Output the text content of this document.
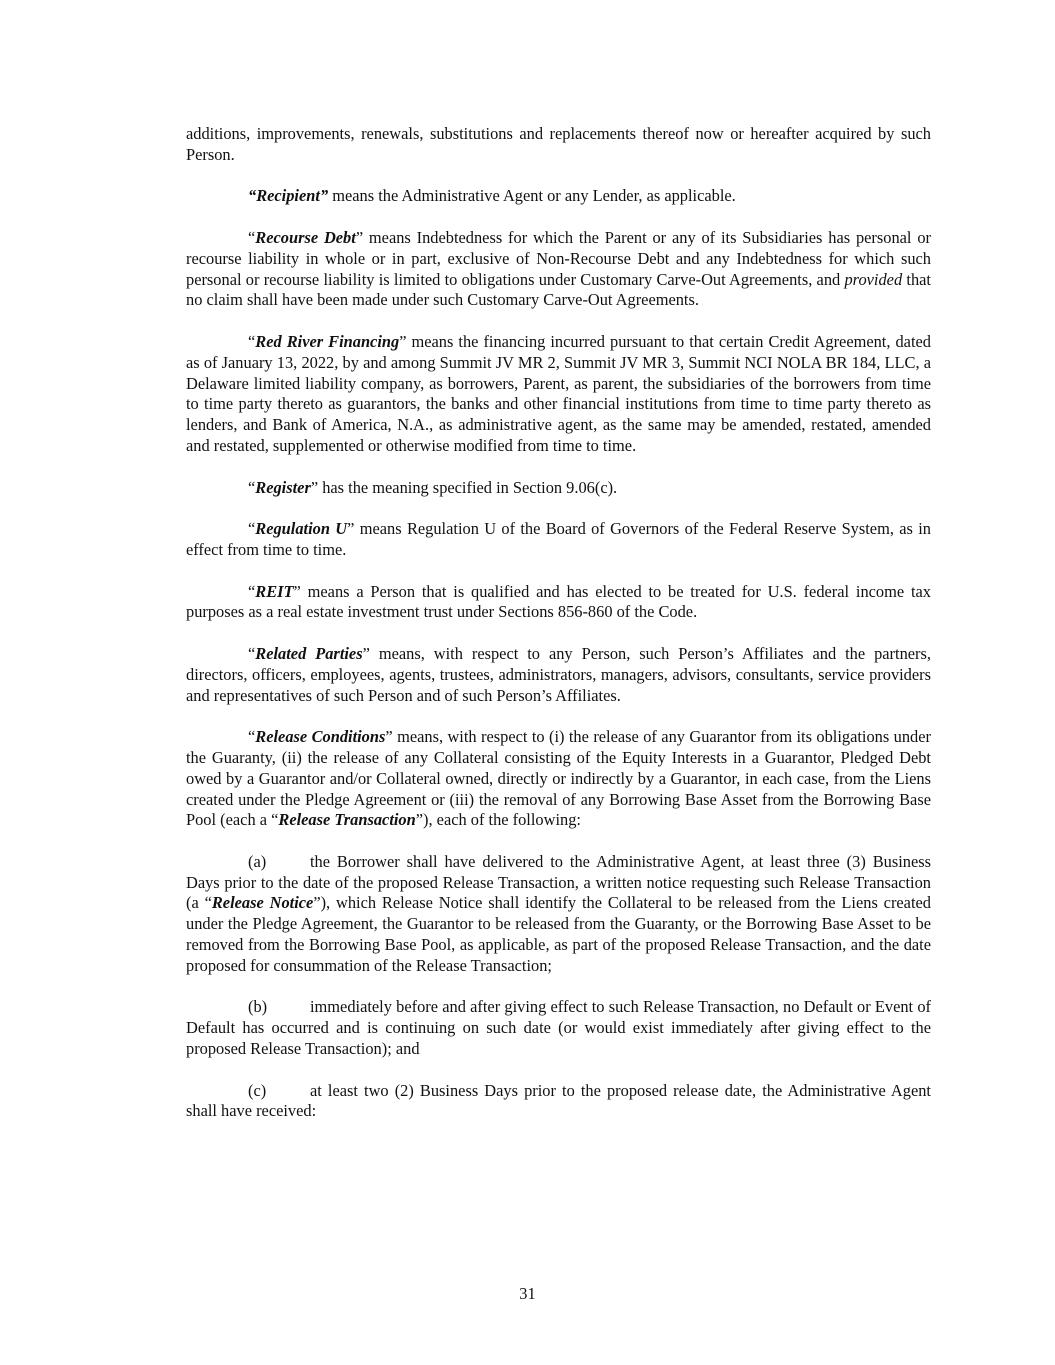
additions, improvements, renewals, substitutions and replacements thereof now or hereafter acquired by such Person.

“Recipient” means the Administrative Agent or any Lender, as applicable.

“Recourse Debt” means Indebtedness for which the Parent or any of its Subsidiaries has personal or recourse liability in whole or in part, exclusive of Non-Recourse Debt and any Indebtedness for which such personal or recourse liability is limited to obligations under Customary Carve-Out Agreements, and provided that no claim shall have been made under such Customary Carve-Out Agreements.

“Red River Financing” means the financing incurred pursuant to that certain Credit Agreement, dated as of January 13, 2022, by and among Summit JV MR 2, Summit JV MR 3, Summit NCI NOLA BR 184, LLC, a Delaware limited liability company, as borrowers, Parent, as parent, the subsidiaries of the borrowers from time to time party thereto as guarantors, the banks and other financial institutions from time to time party thereto as lenders, and Bank of America, N.A., as administrative agent, as the same may be amended, restated, amended and restated, supplemented or otherwise modified from time to time.

“Register” has the meaning specified in Section 9.06(c).

“Regulation U” means Regulation U of the Board of Governors of the Federal Reserve System, as in effect from time to time.

“REIT” means a Person that is qualified and has elected to be treated for U.S. federal income tax purposes as a real estate investment trust under Sections 856-860 of the Code.

“Related Parties” means, with respect to any Person, such Person’s Affiliates and the partners, directors, officers, employees, agents, trustees, administrators, managers, advisors, consultants, service providers and representatives of such Person and of such Person’s Affiliates.

“Release Conditions” means, with respect to (i) the release of any Guarantor from its obligations under the Guaranty, (ii) the release of any Collateral consisting of the Equity Interests in a Guarantor, Pledged Debt owed by a Guarantor and/or Collateral owned, directly or indirectly by a Guarantor, in each case, from the Liens created under the Pledge Agreement or (iii) the removal of any Borrowing Base Asset from the Borrowing Base Pool (each a “Release Transaction”), each of the following:

(a)	the Borrower shall have delivered to the Administrative Agent, at least three (3) Business Days prior to the date of the proposed Release Transaction, a written notice requesting such Release Transaction (a “Release Notice”), which Release Notice shall identify the Collateral to be released from the Liens created under the Pledge Agreement, the Guarantor to be released from the Guaranty, or the Borrowing Base Asset to be removed from the Borrowing Base Pool, as applicable, as part of the proposed Release Transaction, and the date proposed for consummation of the Release Transaction;

(b)	immediately before and after giving effect to such Release Transaction, no Default or Event of Default has occurred and is continuing on such date (or would exist immediately after giving effect to the proposed Release Transaction); and

(c)	at least two (2) Business Days prior to the proposed release date, the Administrative Agent shall have received:

31
